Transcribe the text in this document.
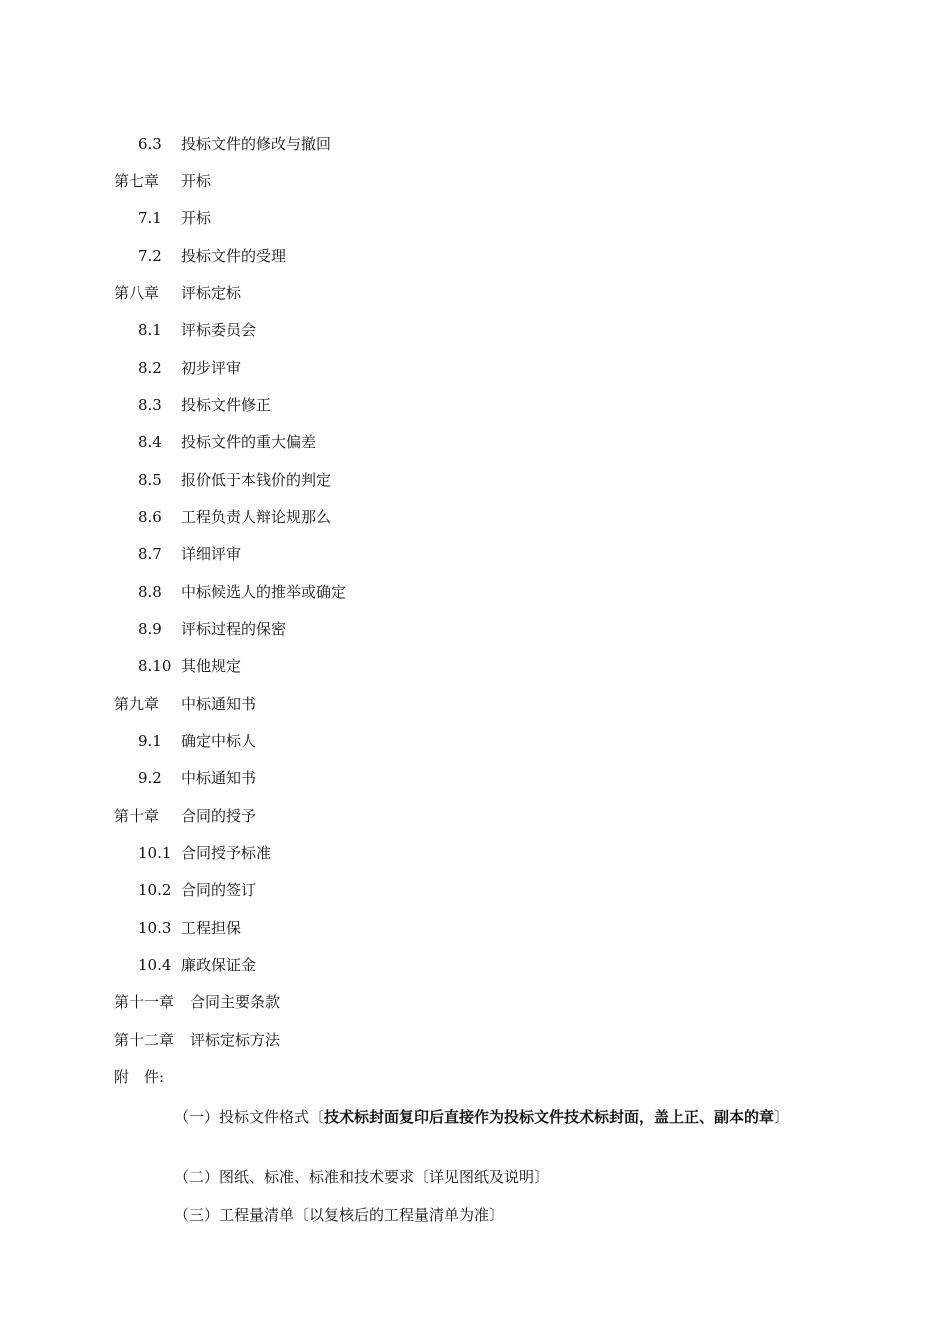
6.3 投标文件的修改与撤回
第七章 开标
7.1 开标
7.2 投标文件的受理
第八章 评标定标
8.1 评标委员会
8.2 初步评审
8.3 投标文件修正
8.4 投标文件的重大偏差
8.5 报价低于本钱价的判定
8.6 工程负责人辩论规那么
8.7 详细评审
8.8 中标候选人的推举或确定
8.9 评标过程的保密
8.10 其他规定
第九章 中标通知书
9.1 确定中标人
9.2 中标通知书
第十章 合同的授予
10.1 合同授予标准
10.2 合同的签订
10.3 工程担保
10.4 廉政保证金
第十一章 合同主要条款
第十二章 评标定标方法
附　件:
（一）投标文件格式〔技术标封面复印后直接作为投标文件技术标封面，盖上正、副本的章〕
（二）图纸、标准、标准和技术要求〔详见图纸及说明〕
（三）工程量清单〔以复核后的工程量清单为准〕
